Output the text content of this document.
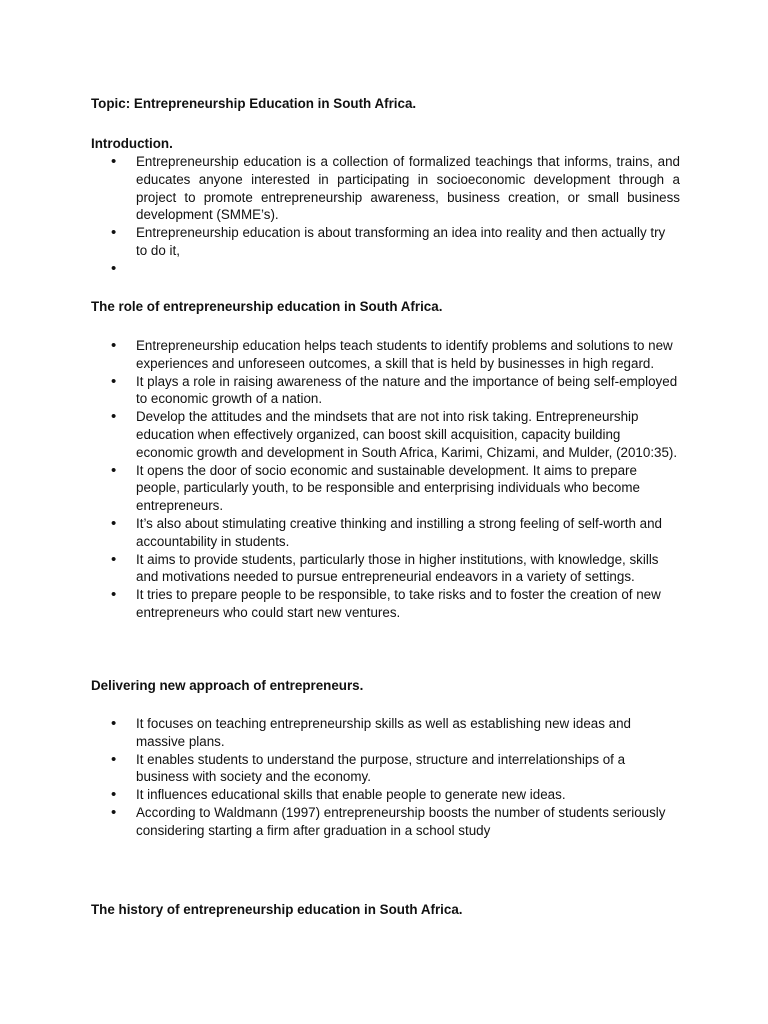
Topic: Entrepreneurship Education in South Africa.

Introduction.

• Entrepreneurship education is a collection of formalized teachings that informs, trains, and educates anyone interested in participating in socioeconomic development through a project to promote entrepreneurship awareness, business creation, or small business development (SMME’s).
• Entrepreneurship education is about transforming an idea into reality and then actually try to do it,
•

The role of entrepreneurship education in South Africa.

• Entrepreneurship education helps teach students to identify problems and solutions to new experiences and unforeseen outcomes, a skill that is held by businesses in high regard.
• It plays a role in raising awareness of the nature and the importance of being self-employed to economic growth of a nation.
• Develop the attitudes and the mindsets that are not into risk taking. Entrepreneurship education when effectively organized, can boost skill acquisition, capacity building economic growth and development in South Africa, Karimi, Chizami, and Mulder, (2010:35).
• It opens the door of socio economic and sustainable development. It aims to prepare people, particularly youth, to be responsible and enterprising individuals who become entrepreneurs.
• It’s also about stimulating creative thinking and instilling a strong feeling of self-worth and accountability in students.
• It aims to provide students, particularly those in higher institutions, with knowledge, skills and motivations needed to pursue entrepreneurial endeavors in a variety of settings.
• It tries to prepare people to be responsible, to take risks and to foster the creation of new entrepreneurs who could start new ventures.

Delivering new approach of entrepreneurs.

• It focuses on teaching entrepreneurship skills as well as establishing new ideas and massive plans.
• It enables students to understand the purpose, structure and interrelationships of a business with society and the economy.
• It influences educational skills that enable people to generate new ideas.
• According to Waldmann (1997) entrepreneurship boosts the number of students seriously considering starting a firm after graduation in a school study

The history of entrepreneurship education in South Africa.
